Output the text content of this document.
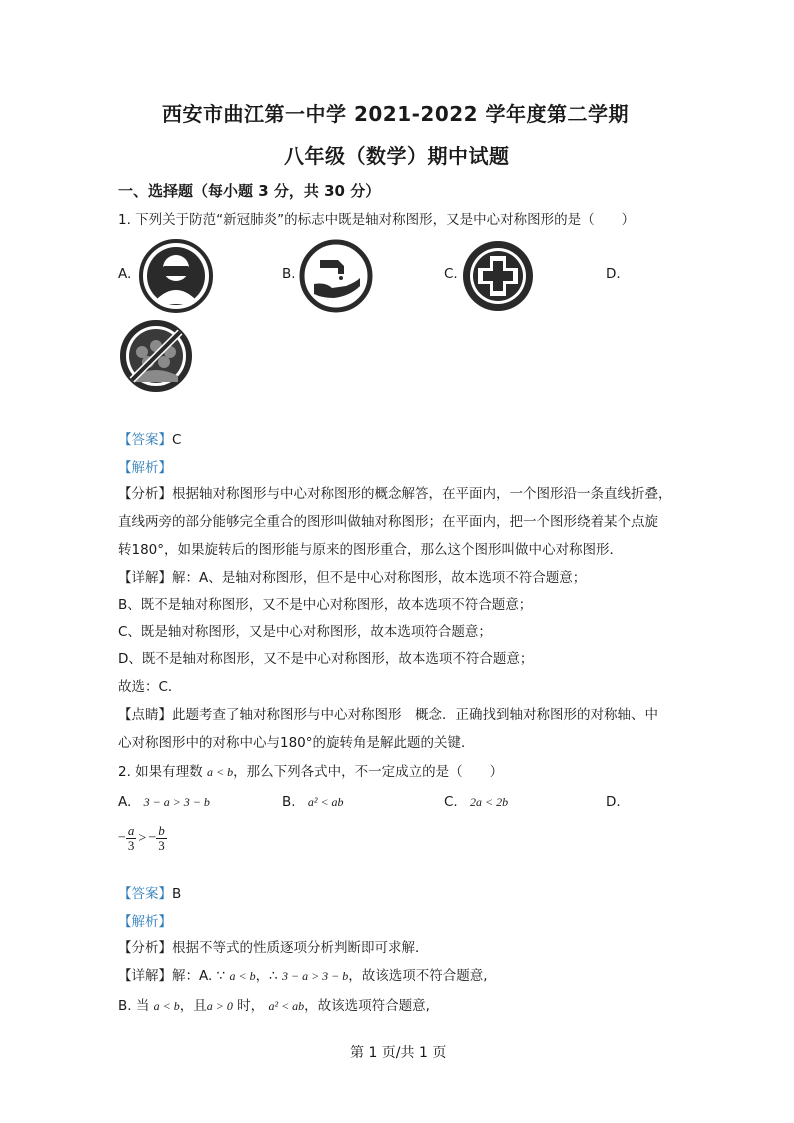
西安市曲江第一中学 2021-2022 学年度第二学期
八年级（数学）期中试题
一、选择题（每小题 3 分，共 30 分）
1. 下列关于防范“新冠肺炎”的标志中既是轴对称图形，又是中心对称图形的是（　　）
A.	B.	C.	D.
【答案】C
【解析】
【分析】根据轴对称图形与中心对称图形的概念解答，在平面内，一个图形沿一条直线折叠，
直线两旁的部分能够完全重合的图形叫做轴对称图形；在平面内，把一个图形绕着某个点旋
转180°，如果旋转后的图形能与原来的图形重合，那么这个图形叫做中心对称图形．
【详解】解：A、是轴对称图形，但不是中心对称图形，故本选项不符合题意；
B、既不是轴对称图形，又不是中心对称图形，故本选项不符合题意；
C、既是轴对称图形，又是中心对称图形，故本选项符合题意；
D、既不是轴对称图形，又不是中心对称图形，故本选项不符合题意；
故选：C．
【点睛】此题考查了轴对称图形与中心对称图形　概念．正确找到轴对称图形的对称轴、中
心对称图形中的对称中心与180°的旋转角是解此题的关键．
2. 如果有理数 a < b，那么下列各式中，不一定成立的是（　　）
A. 3 − a > 3 − b	B. a² < ab	C. 2a < 2b	D.
− $\frac{a}{3}$ > − $\frac{b}{3}$
【答案】B
【解析】
【分析】根据不等式的性质逐项分析判断即可求解．
【详解】解：A. ∵ a < b，∴ 3 − a > 3 − b，故该选项不符合题意,
B. 当 a < b，且a > 0 时， a² < ab，故该选项符合题意,
第 1 页/共 1 页
